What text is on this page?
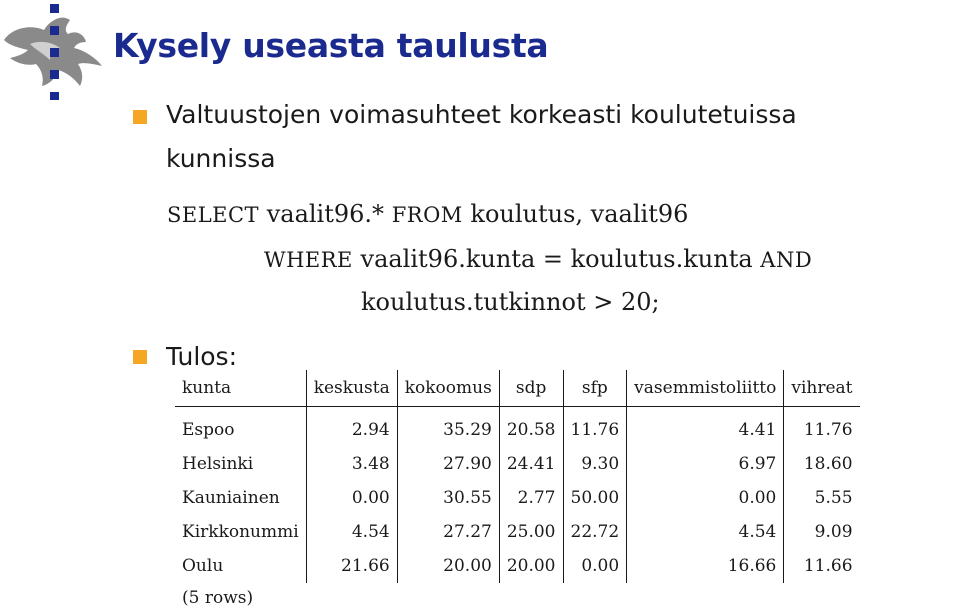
Kysely useasta taulusta
Valtuustojen voimasuhteet korkeasti koulutetuissa
kunnissa
SELECT vaalit96.* FROM koulutus, vaalit96
WHERE vaalit96.kunta = koulutus.kunta AND
koulutus.tutkinnot > 20;
Tulos:
kunta	keskusta	kokoomus	sdp	sfp	vasemmistoliitto	vihreat
Espoo	2.94	35.29	20.58	11.76	4.41	11.76
Helsinki	3.48	27.90	24.41	9.30	6.97	18.60
Kauniainen	0.00	30.55	2.77	50.00	0.00	5.55
Kirkkonummi	4.54	27.27	25.00	22.72	4.54	9.09
Oulu	21.66	20.00	20.00	0.00	16.66	11.66
(5 rows)						
